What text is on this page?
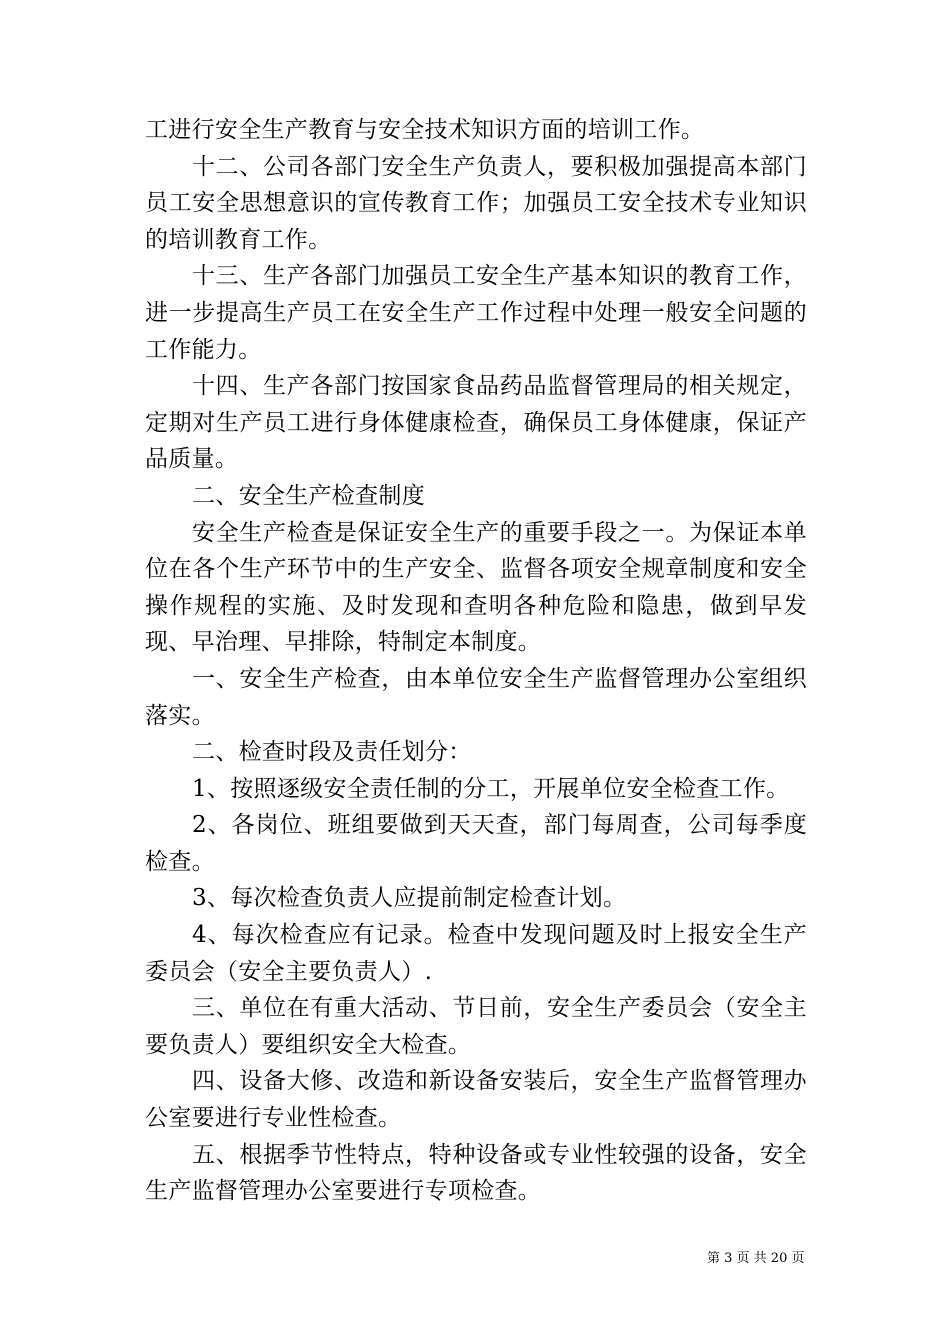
工进行安全生产教育与安全技术知识方面的培训工作。

十二、公司各部门安全生产负责人，要积极加强提高本部门员工安全思想意识的宣传教育工作；加强员工安全技术专业知识的培训教育工作。

十三、生产各部门加强员工安全生产基本知识的教育工作，进一步提高生产员工在安全生产工作过程中处理一般安全问题的工作能力。

十四、生产各部门按国家食品药品监督管理局的相关规定，定期对生产员工进行身体健康检查，确保员工身体健康，保证产品质量。

二、安全生产检查制度

安全生产检查是保证安全生产的重要手段之一。为保证本单位在各个生产环节中的生产安全、监督各项安全规章制度和安全操作规程的实施、及时发现和查明各种危险和隐患，做到早发现、早治理、早排除，特制定本制度。

一、安全生产检查，由本单位安全生产监督管理办公室组织落实。

二、检查时段及责任划分：

1、按照逐级安全责任制的分工，开展单位安全检查工作。

2、各岗位、班组要做到天天查，部门每周查，公司每季度检查。

3、每次检查负责人应提前制定检查计划。

4、每次检查应有记录。检查中发现问题及时上报安全生产委员会（安全主要负责人）.

三、单位在有重大活动、节日前，安全生产委员会（安全主要负责人）要组织安全大检查。

四、设备大修、改造和新设备安装后，安全生产监督管理办公室要进行专业性检查。

五、根据季节性特点，特种设备或专业性较强的设备，安全生产监督管理办公室要进行专项检查。

第 3 页 共 20 页
